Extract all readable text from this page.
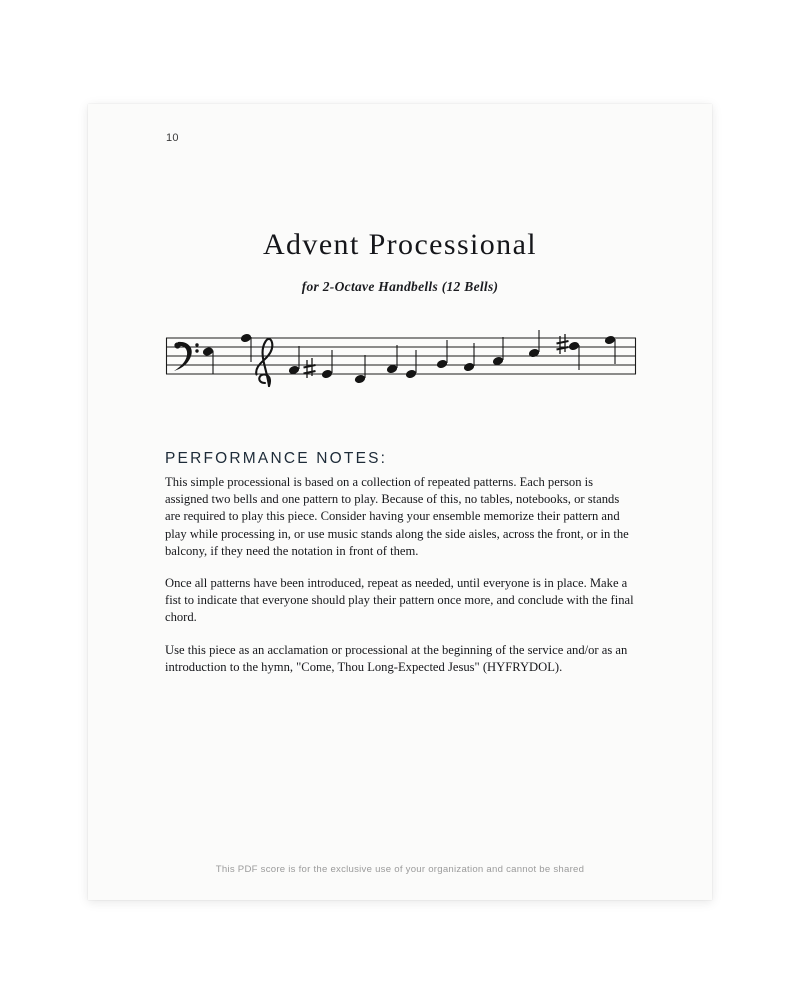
10
Advent Processional
for 2-Octave Handbells (12 Bells)
PERFORMANCE NOTES:

This simple processional is based on a collection of repeated patterns. Each person is assigned two bells and one pattern to play. Because of this, no tables, notebooks, or stands are required to play this piece. Consider having your ensemble memorize their pattern and play while processing in, or use music stands along the side aisles, across the front, or in the balcony, if they need the notation in front of them.

Once all patterns have been introduced, repeat as needed, until everyone is in place. Make a fist to indicate that everyone should play their pattern once more, and conclude with the final chord.

Use this piece as an acclamation or processional at the beginning of the service and/or as an introduction to the hymn, "Come, Thou Long-Expected Jesus" (HYFRYDOL).

This PDF score is for the exclusive use of your organization and cannot be shared
